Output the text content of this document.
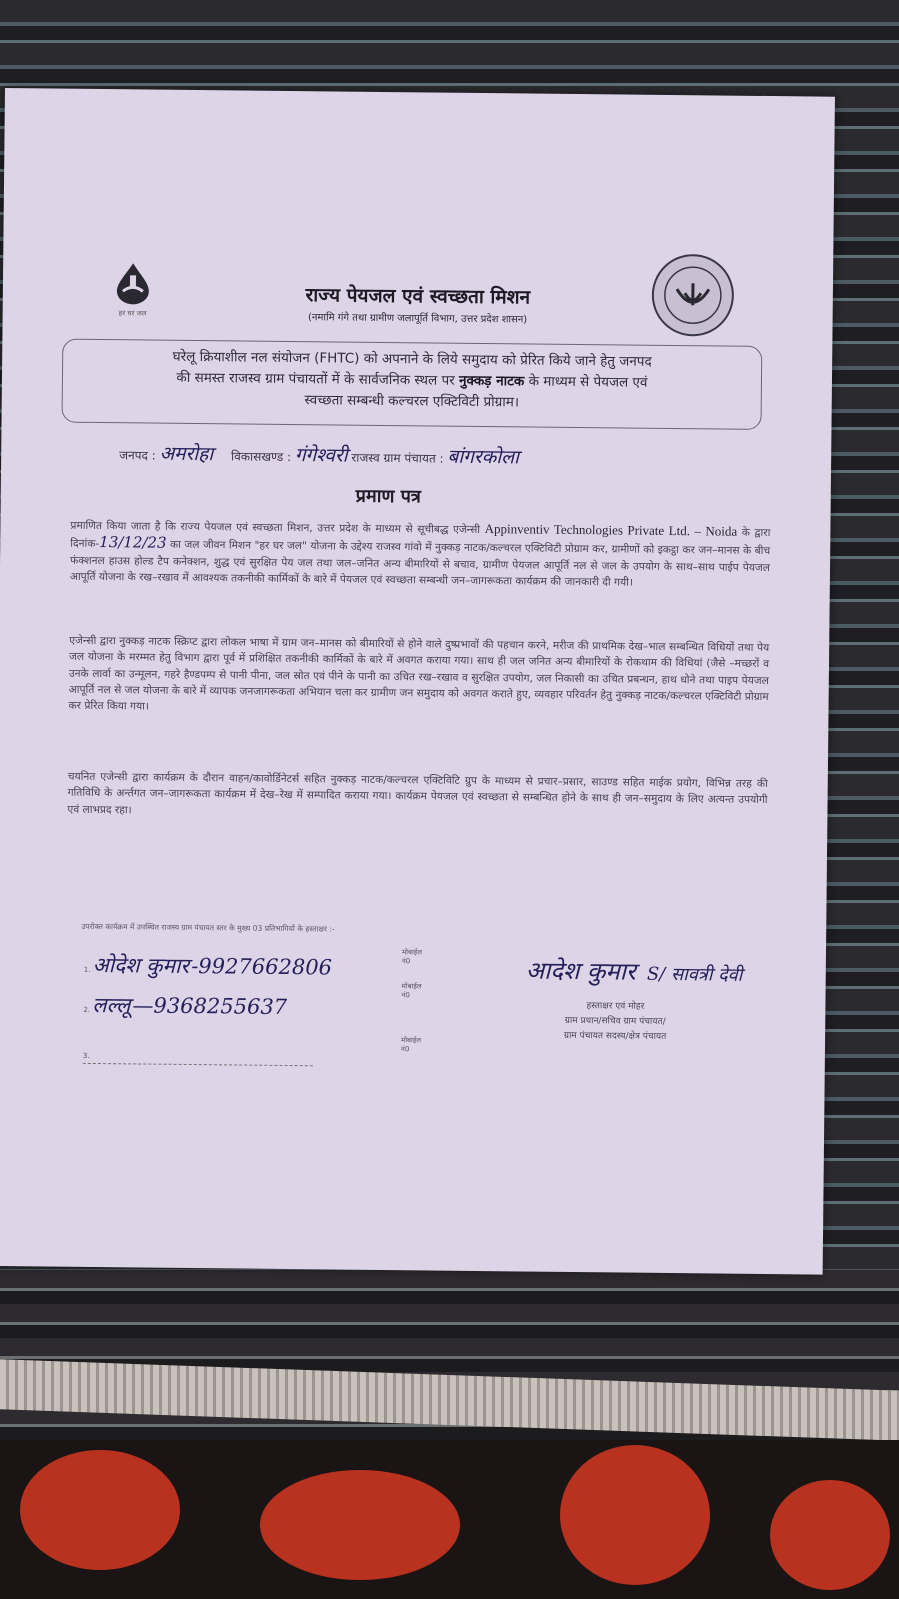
हर घर जल
राज्य पेयजल एवं स्वच्छता मिशन
(नमामि गंगे तथा ग्रामीण जलापूर्ति विभाग, उत्तर प्रदेश शासन)
घरेलू क्रियाशील नल संयोजन (FHTC) को अपनाने के लिये समुदाय को प्रेरित किये जाने हेतु जनपद
की समस्त राजस्व ग्राम पंचायतों में के सार्वजनिक स्थल पर नुक्कड़ नाटक के माध्यम से पेयजल एवं
स्वच्छता सम्बन्धी कल्चरल एक्टिविटी प्रोग्राम।
जनपद : अमरोहा विकासखण्ड : गंगेश्वरी राजस्व ग्राम पंचायत : बांगरकोला
प्रमाण पत्र
प्रमाणित किया जाता है कि राज्य पेयजल एवं स्वच्छता मिशन, उत्तर प्रदेश के माध्यम से सूचीबद्ध एजेन्सी Appinventiv Technologies Private Ltd. – Noida के द्वारा दिनांक-13/12/23 का जल जीवन मिशन "हर घर जल" योजना के उद्देश्य राजस्व गांवो में नुक्कड़ नाटक/कल्चरल एक्टिविटी प्रोग्राम कर, ग्रामीणों को इकट्ठा कर जन–मानस के बीच फंक्शनल हाउस होल्ड टैप कनेक्शन, शुद्ध एवं सुरक्षित पेय जल तथा जल–जनित अन्य बीमारियों से बचाव, ग्रामीण पेयजल आपूर्ति नल से जल के उपयोग के साथ–साथ पाईप पेयजल आपूर्ति योजना के रख–रखाव में आवश्यक तकनीकी कार्मिकों के बारे में पेयजल एवं स्वच्छता सम्बन्धी जन–जागरूकता कार्यक्रम की जानकारी दी गयी।
एजेन्सी द्वारा नुक्कड़ नाटक स्क्रिप्ट द्वारा लोकल भाषा में ग्राम जन–मानस को बीमारियों से होने वाले दुष्प्रभावों की पहचान करने, मरीज की प्राथमिक देख–भाल सम्बन्धित विधियों तथा पेय जल योजना के मरम्मत हेतु विभाग द्वारा पूर्व में प्रशिक्षित तकनीकी कार्मिकों के बारे में अवगत कराया गया। साथ ही जल जनित अन्य बीमारियों के रोकथाम की विधियां (जैसे –मच्छरों व उनके लार्वा का उन्मूलन, गहरे हैण्डपम्प से पानी पीना, जल स्रोत एवं पीने के पानी का उचित रख–रखाव व सुरक्षित उपयोग, जल निकासी का उचित प्रबन्धन, हाथ धोने तथा पाइप पेयजल आपूर्ति नल से जल योजना के बारे में व्यापक जनजागरूकता अभियान चला कर ग्रामीण जन समुदाय को अवगत कराते हुए, व्यवहार परिवर्तन हेतु नुक्कड़ नाटक/कल्चरल एक्टिविटी प्रोग्राम कर प्रेरित किया गया।
चयनित एजेन्सी द्वारा कार्यक्रम के दौरान वाहन/कावोर्डिनेटर्स सहित नुक्कड़ नाटक/कल्चरल एक्टिविटि ग्रुप के माध्यम से प्रचार–प्रसार, साउण्ड सहित माईक प्रयोग, विभिन्न तरह की गतिविधि के अर्न्तगत जन–जागरूकता कार्यक्रम में देख–रेख में सम्पादित कराया गया। कार्यक्रम पेयजल एवं स्वच्छता से सम्बन्धित होने के साथ ही जन–समुदाय के लिए अत्यन्त उपयोगी एवं लाभप्रद रहा।
उपरोक्त कार्यक्रम में उपस्थित राजस्व ग्राम पंचायत स्तर के मुख्य 03 प्रतिभागियों के हस्ताक्षर :-
1. ओदेश कुमार -9927662806
मोबाईल नं0
2. लल्लू —9368255637
मोबाईल नं0
3.
मोबाईल नं0
आदेश कुमार S/ सावत्री देवी
हस्ताक्षर एवं मोहर
ग्राम प्रधान/सचिव ग्राम पंचायत/
ग्राम पंचायत सदस्य/क्षेत्र पंचायत
